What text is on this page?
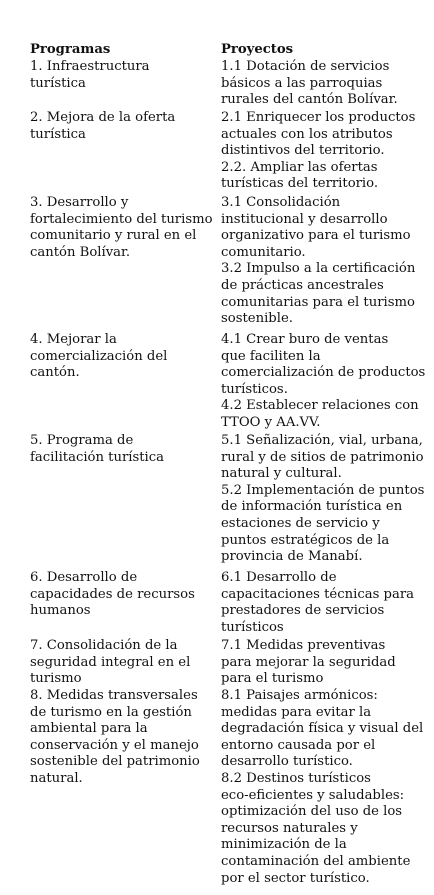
Programas	Proyectos
1. Infraestructura
turística
1.1 Dotación de servicios
básicos a las parroquias
rurales del cantón Bolívar.
2. Mejora de la oferta
turística
2.1 Enriquecer los productos
actuales con los atributos
distintivos del territorio.
2.2. Ampliar las ofertas
turísticas del territorio.
3. Desarrollo y
fortalecimiento del turismo
comunitario y rural en el
cantón Bolívar.
3.1 Consolidación
institucional y desarrollo
organizativo para el turismo
comunitario.
3.2 Impulso a la certificación
de prácticas ancestrales
comunitarias para el turismo
sostenible.
4. Mejorar la
comercialización del
cantón.
4.1 Crear buro de ventas
que faciliten la
comercialización de productos
turísticos.
4.2 Establecer relaciones con
TTOO y AA.VV.
5. Programa de
facilitación turística
5.1 Señalización, vial, urbana,
rural y de sitios de patrimonio
natural y cultural.
5.2 Implementación de puntos
de información turística en
estaciones de servicio y
puntos estratégicos de la
provincia de Manabí.
6. Desarrollo de
capacidades de recursos
humanos
6.1 Desarrollo de
capacitaciones técnicas para
prestadores de servicios
turísticos
7. Consolidación de la
seguridad integral en el
turismo
7.1 Medidas preventivas
para mejorar la seguridad
para el turismo
8. Medidas transversales
de turismo en la gestión
ambiental para la
conservación y el manejo
sostenible del patrimonio
natural.
8.1 Paisajes armónicos:
medidas para evitar la
degradación física y visual del
entorno causada por el
desarrollo turístico.
8.2 Destinos turísticos
eco-eficientes y saludables:
optimización del uso de los
recursos naturales y
minimización de la
contaminación del ambiente
por el sector turístico.
